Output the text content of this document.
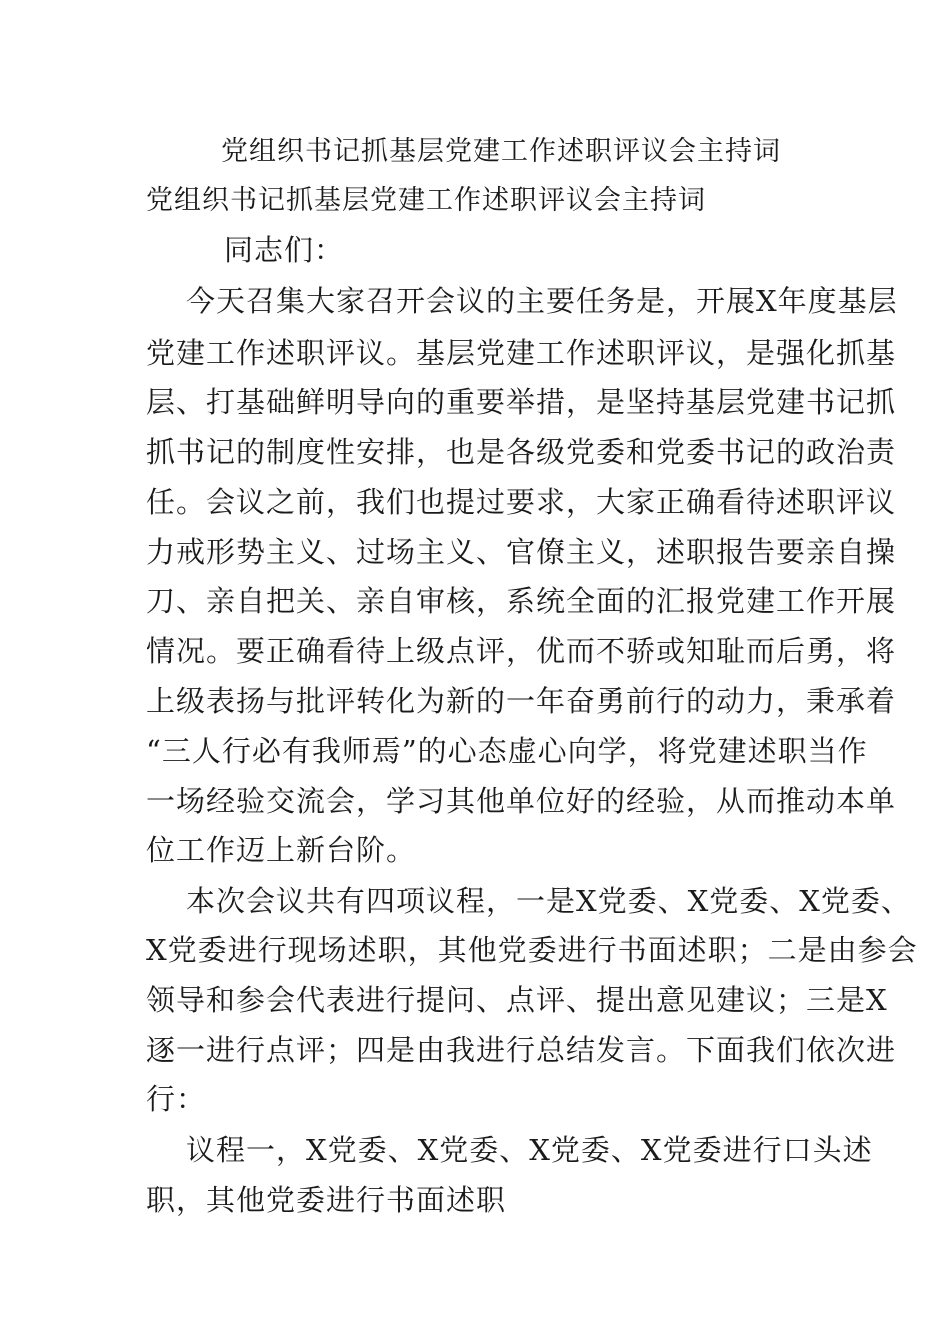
党组织书记抓基层党建工作述职评议会主持词
党组织书记抓基层党建工作述职评议会主持词
同志们：
今天召集大家召开会议的主要任务是，开展X年度基层
党建工作述职评议。基层党建工作述职评议，是强化抓基
层、打基础鲜明导向的重要举措，是坚持基层党建书记抓
抓书记的制度性安排，也是各级党委和党委书记的政治责
任。会议之前，我们也提过要求，大家正确看待述职评议
力戒形势主义、过场主义、官僚主义，述职报告要亲自操
刀、亲自把关、亲自审核，系统全面的汇报党建工作开展
情况。要正确看待上级点评，优而不骄或知耻而后勇，将
上级表扬与批评转化为新的一年奋勇前行的动力，秉承着
“三人行必有我师焉”的心态虚心向学，将党建述职当作
一场经验交流会，学习其他单位好的经验，从而推动本单
位工作迈上新台阶。
本次会议共有四项议程，一是X党委、X党委、X党委、
X党委进行现场述职，其他党委进行书面述职；二是由参会
领导和参会代表进行提问、点评、提出意见建议；三是X
逐一进行点评；四是由我进行总结发言。下面我们依次进
行：
议程一，X党委、X党委、X党委、X党委进行口头述
职，其他党委进行书面述职
